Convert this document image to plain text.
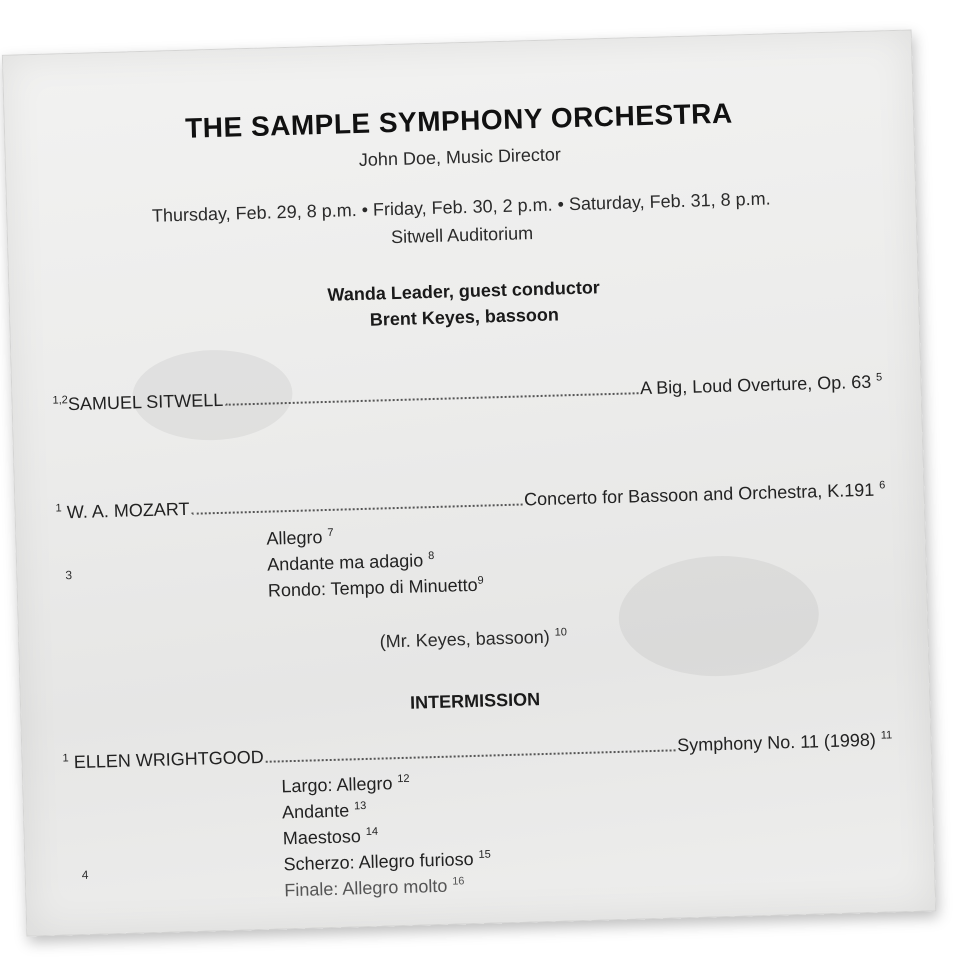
THE SAMPLE SYMPHONY ORCHESTRA
John Doe, Music Director
Thursday, Feb. 29, 8 p.m. • Friday, Feb. 30, 2 p.m. • Saturday, Feb. 31, 8 p.m.
Sitwell Auditorium
Wanda Leader, guest conductor
Brent Keyes, bassoon
$^{1,2}$SAMUEL SITWELL
A Big, Loud Overture, Op. 63 $^5$
$^1$ W. A. MOZART
Concerto for Bassoon and Orchestra, K.191 $^6$
Allegro $^7$
3
Andante ma adagio $^8$
Rondo: Tempo di Minuetto$^9$
(Mr. Keyes, bassoon) $^{10}$
INTERMISSION
$^1$ ELLEN WRIGHTGOOD
Symphony No. 11 (1998) $^{11}$
Largo: Allegro $^{12}$
Andante $^{13}$
Maestoso $^{14}$
4
Scherzo: Allegro furioso $^{15}$
Finale: Allegro molto $^{16}$
